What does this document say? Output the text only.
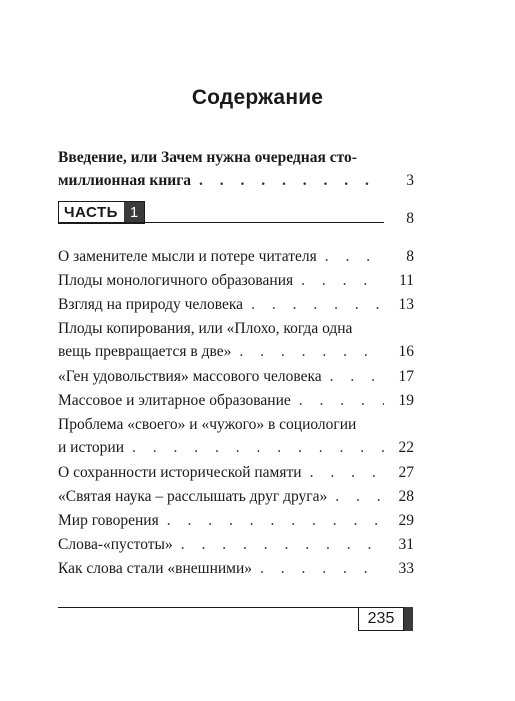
Содержание
Введение, или Зачем нужна очередная сто-
миллионная книга . . .	3
ЧАСТЬ 1	8
О заменителе мысли и потере читателя . . .	8
Плоды монологичного образования . . .	11
Взгляд на природу человека . . .	13
Плоды копирования, или «Плохо, когда одна
вещь превращается в две» . . .	16
«Ген удовольствия» массового человека . . .	17
Массовое и элитарное образование . . .	19
Проблема «своего» и «чужого» в социологии
и истории . . .	22
О сохранности исторической памяти . . .	27
«Святая наука – расслышать друг друга» . . .	28
Мир говорения . . .	29
Слова-«пустоты» . . .	31
Как слова стали «внешними» . . .	33
235
